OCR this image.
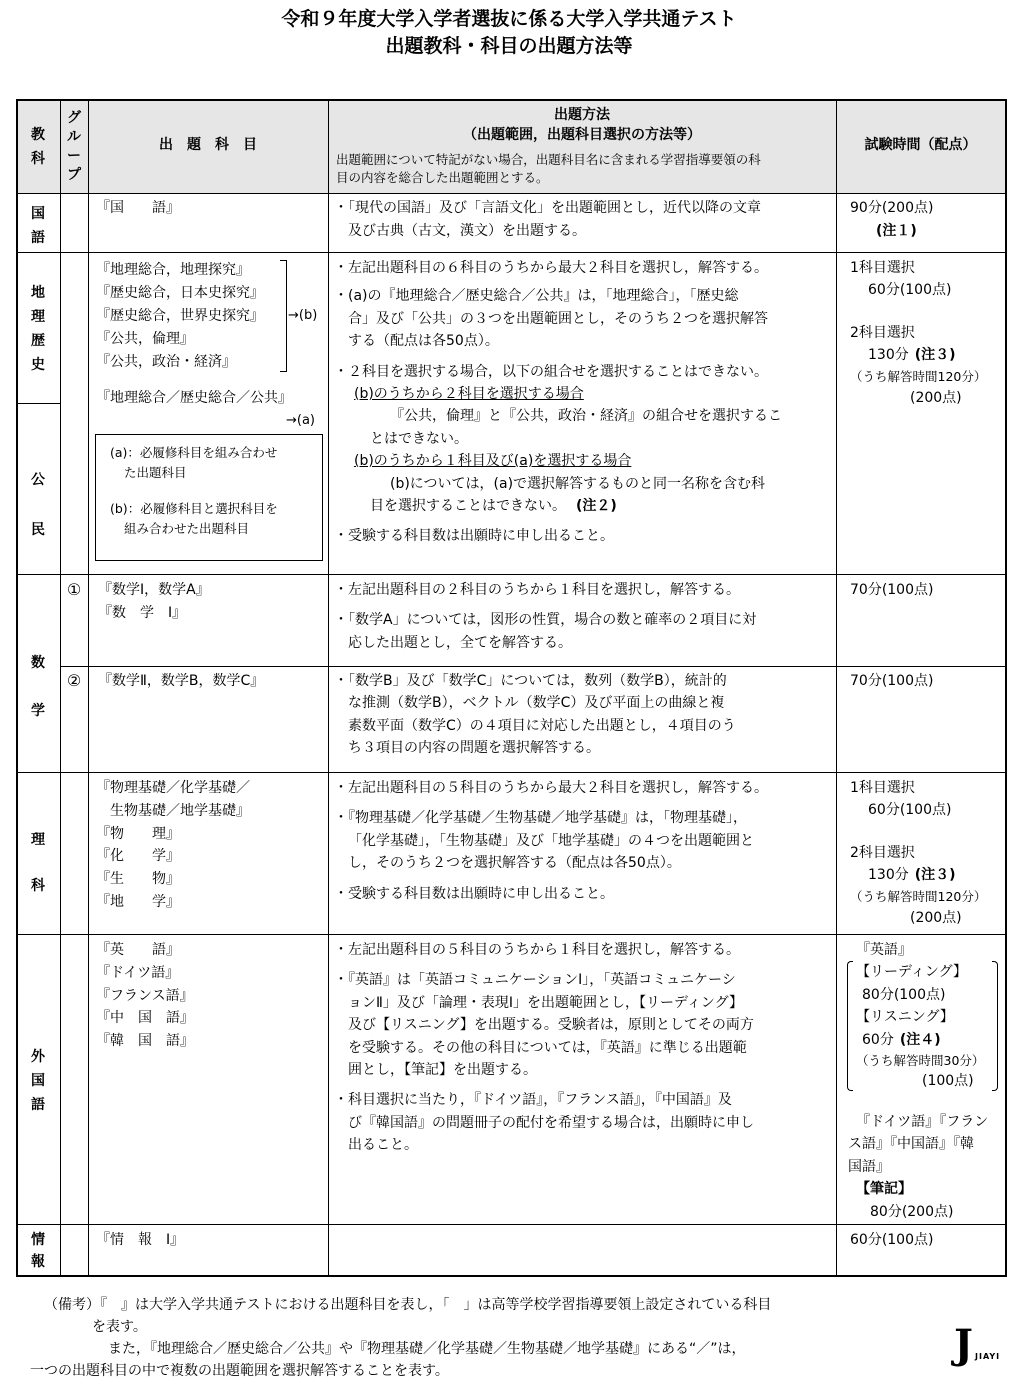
令和９年度大学入学者選抜に係る大学入学共通テスト
出題教科・科目の出題方法等
教
科
グ
ル
ー
プ
出　題　科　目
出題方法
（出題範囲，出題科目選択の方法等）
出題範囲について特記がない場合，出題科目名に含まれる学習指導要領の科
目の内容を総合した出題範囲とする。
試験時間（配点）
国
語
『国　　語』	・「現代の国語」及び「言語文化」を出題範囲とし，近代以降の文章
及び古典（古文，漢文）を出題する。
90分(200点)
(注１)
地
理
歴
史
公
民
『地理総合，地理探究』
『歴史総合，日本史探究』
『歴史総合，世界史探究』
『公共，倫理』
『公共，政治・経済』
→(b)
『地理総合／歴史総合／公共』
→(a)
(a)：必履修科目を組み合わせ
た出題科目
(b)：必履修科目と選択科目を
組み合わせた出題科目
・左記出題科目の６科目のうちから最大２科目を選択し，解答する。
・(a)の『地理総合／歴史総合／公共』は，「地理総合」，「歴史総
合」及び「公共」の３つを出題範囲とし，そのうち２つを選択解答
する（配点は各50点）。
・２科目を選択する場合，以下の組合せを選択することはできない。
(b)のうちから２科目を選択する場合
『公共，倫理』と『公共，政治・経済』の組合せを選択するこ
とはできない。
(b)のうちから１科目及び(a)を選択する場合
(b)については，(a)で選択解答するものと同一名称を含む科
目を選択することはできない。 (注２)
・受験する科目数は出願時に申し出ること。
1科目選択
60分(100点)
2科目選択
130分 (注３)
（うち解答時間120分）
(200点)
数
学
①
②
『数学Ⅰ，数学A』
『数　学　Ⅰ』
『数学Ⅱ，数学B，数学C』
・左記出題科目の２科目のうちから１科目を選択し，解答する。
・「数学A」については，図形の性質，場合の数と確率の２項目に対
応した出題とし，全てを解答する。
・「数学B」及び「数学C」については，数列（数学B），統計的
な推測（数学B），ベクトル（数学C）及び平面上の曲線と複
素数平面（数学C）の４項目に対応した出題とし，４項目のう
ち３項目の内容の問題を選択解答する。
70分(100点)
70分(100点)
理
科
『物理基礎／化学基礎／
生物基礎／地学基礎』
『物　　理』
『化　　学』
『生　　物』
『地　　学』
・左記出題科目の５科目のうちから最大２科目を選択し，解答する。
・『物理基礎／化学基礎／生物基礎／地学基礎』は，「物理基礎」，
「化学基礎」，「生物基礎」及び「地学基礎」の４つを出題範囲と
し，そのうち２つを選択解答する（配点は各50点）。
・受験する科目数は出願時に申し出ること。
1科目選択
60分(100点)
2科目選択
130分 (注３)
（うち解答時間120分）
(200点)
外
国
語
『英　　語』
『ドイツ語』
『フランス語』
『中　国　語』
『韓　国　語』
・左記出題科目の５科目のうちから１科目を選択し，解答する。
・『英語』は「英語コミュニケーションⅠ」，「英語コミュニケーシ
ョンⅡ」及び「論理・表現Ⅰ」を出題範囲とし，【リーディング】
及び【リスニング】を出題する。受験者は，原則としてその両方
を受験する。その他の科目については，『英語』に準じる出題範
囲とし，【筆記】を出題する。
・科目選択に当たり，『ドイツ語』，『フランス語』，『中国語』及
び『韓国語』の問題冊子の配付を希望する場合は，出願時に申し
出ること。
『英語』
【リーディング】
80分(100点)
【リスニング】
60分 (注４)
（うち解答時間30分）
(100点)
『ドイツ語』『フラン
ス語』『中国語』『韓
国語』
【筆記】
80分(200点)
情
報
『情　報　Ⅰ』	60分(100点)
（備考）『　』は大学入学共通テストにおける出題科目を表し，「　」は高等学校学習指導要領上設定されている科目
を表す。
また，『地理総合／歴史総合／公共』や『物理基礎／化学基礎／生物基礎／地学基礎』にある“／”は，
一つの出題科目の中で複数の出題範囲を選択解答することを表す。
J JIAYI
